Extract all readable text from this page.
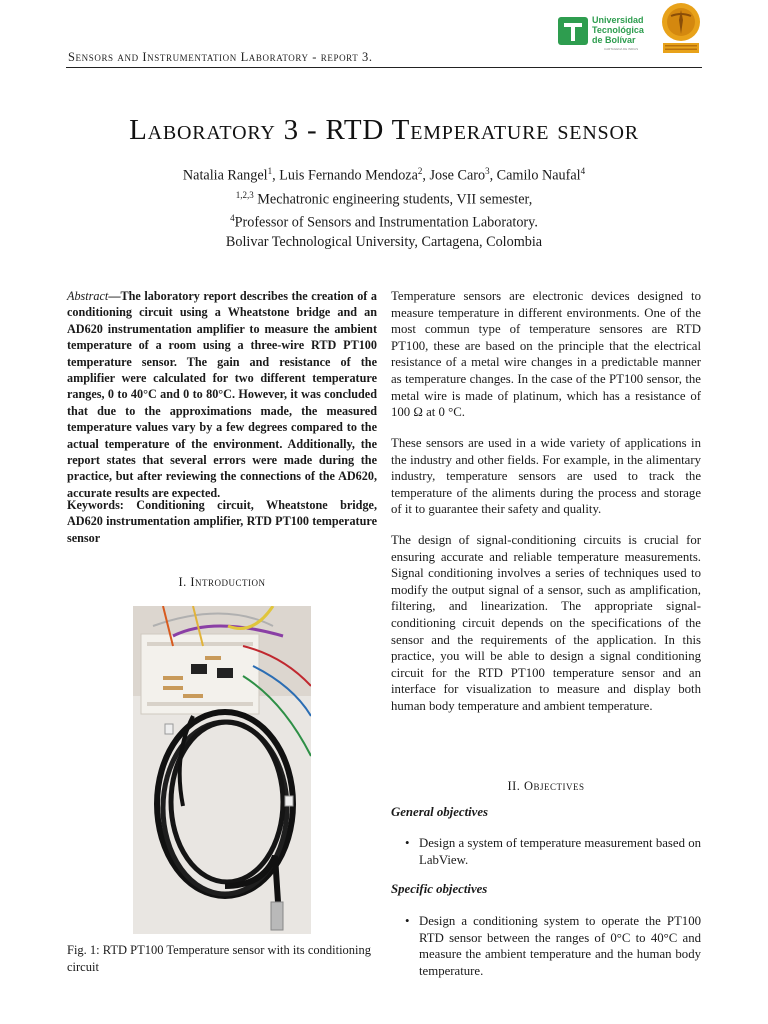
Sensors and Instrumentation Laboratory - report 3.
Universidad
Tecnológica
de Bolívar
CARTAGENA DE INDIAS
Laboratory 3 - RTD Temperature sensor
Natalia Rangel$^1$, Luis Fernando Mendoza$^2$, Jose Caro$^3$, Camilo Naufal$^4$
$^{1,2,3}$ Mechatronic engineering students, VII semester,
$^4$Professor of Sensors and Instrumentation Laboratory.
Bolivar Technological University, Cartagena, Colombia
Abstract—The laboratory report describes the creation of a conditioning circuit using a Wheatstone bridge and an AD620 instrumentation amplifier to measure the ambient temperature of a room using a three-wire RTD PT100 temperature sensor. The gain and resistance of the amplifier were calculated for two different temperature ranges, 0 to 40°C and 0 to 80°C. However, it was concluded that due to the approximations made, the measured temperature values vary by a few degrees compared to the actual temperature of the environment. Additionally, the report states that several errors were made during the practice, but after reviewing the connections of the AD620, accurate results are expected.
Keywords: Conditioning circuit, Wheatstone bridge, AD620 instrumentation amplifier, RTD PT100 temperature sensor
I. Introduction
Fig. 1: RTD PT100 Temperature sensor with its conditioning circuit
Temperature sensors are electronic devices designed to measure temperature in different environments. One of the most commun type of temperature sensores are RTD PT100, these are based on the principle that the electrical resistance of a metal wire changes in a predictable manner as temperature changes. In the case of the PT100 sensor, the metal wire is made of platinum, which has a resistance of 100 Ω at 0 °C.
These sensors are used in a wide variety of applications in the industry and other fields. For example, in the alimentary industry, temperature sensors are used to track the temperature of the aliments during the process and storage of it to guarantee their safety and quality.
The design of signal-conditioning circuits is crucial for ensuring accurate and reliable temperature measurements. Signal conditioning involves a series of techniques used to modify the output signal of a sensor, such as amplification, filtering, and linearization. The appropriate signal-conditioning circuit depends on the specifications of the sensor and the requirements of the application. In this practice, you will be able to design a signal conditioning circuit for the RTD PT100 temperature sensor and an interface for visualization to measure and display both human body temperature and ambient temperature.
II. Objectives
General objectives
• Design a system of temperature measurement based on LabView.
Specific objectives
• Design a conditioning system to operate the PT100 RTD sensor between the ranges of 0°C to 40°C and measure the ambient temperature and the human body temperature.
